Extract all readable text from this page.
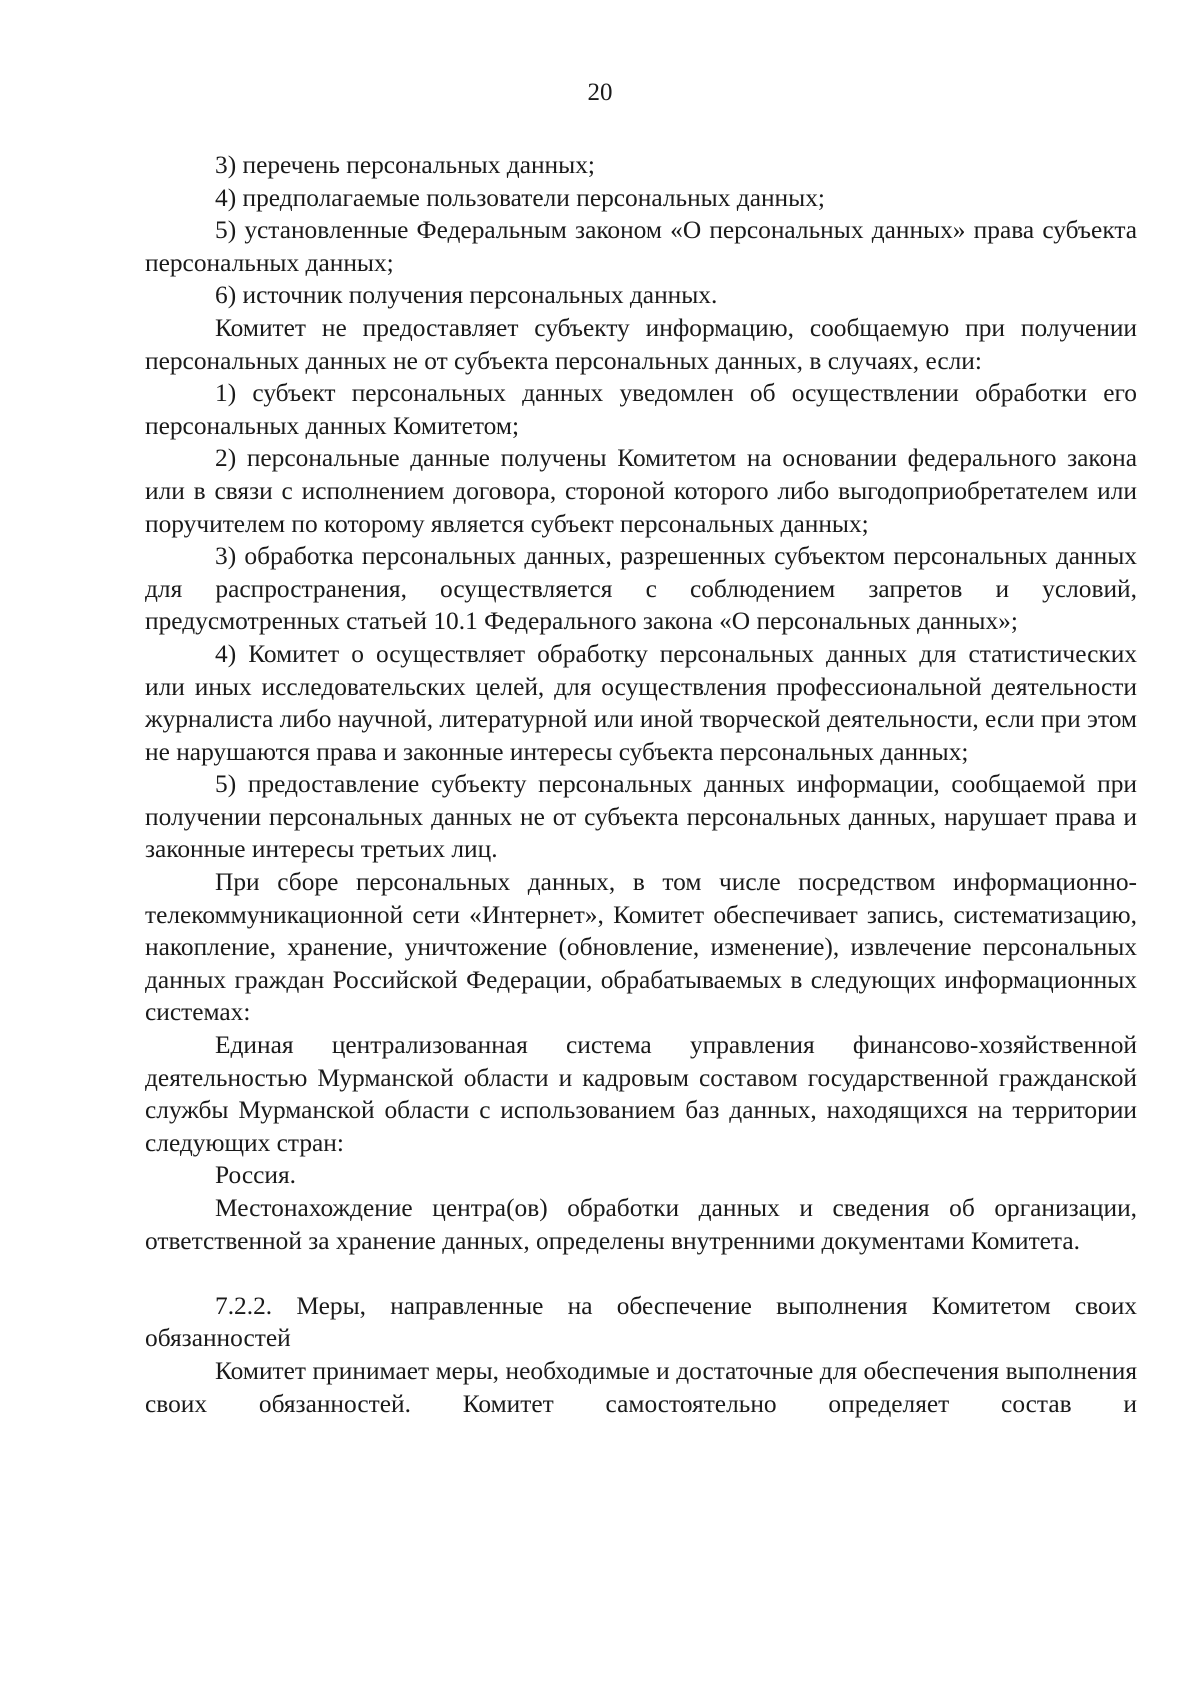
20

3) перечень персональных данных;

4) предполагаемые пользователи персональных данных;

5) установленные Федеральным законом «О персональных данных» права субъекта персональных данных;

6) источник получения персональных данных.

Комитет не предоставляет субъекту информацию, сообщаемую при получении персональных данных не от субъекта персональных данных, в случаях, если:

1) субъект персональных данных уведомлен об осуществлении обработки его персональных данных Комитетом;

2) персональные данные получены Комитетом на основании федерального закона или в связи с исполнением договора, стороной которого либо выгодоприобретателем или поручителем по которому является субъект персональных данных;

3) обработка персональных данных, разрешенных субъектом персональных данных для распространения, осуществляется с соблюдением запретов и условий, предусмотренных статьей 10.1 Федерального закона «О персональных данных»;

4) Комитет о осуществляет обработку персональных данных для статистических или иных исследовательских целей, для осуществления профессиональной деятельности журналиста либо научной, литературной или иной творческой деятельности, если при этом не нарушаются права и законные интересы субъекта персональных данных;

5) предоставление субъекту персональных данных информации, сообщаемой при получении персональных данных не от субъекта персональных данных, нарушает права и законные интересы третьих лиц.

При сборе персональных данных, в том числе посредством информационно-телекоммуникационной сети «Интернет», Комитет обеспечивает запись, систематизацию, накопление, хранение, уничтожение (обновление, изменение), извлечение персональных данных граждан Российской Федерации, обрабатываемых в следующих информационных системах:

Единая централизованная система управления финансово-хозяйственной деятельностью Мурманской области и кадровым составом государственной гражданской службы Мурманской области с использованием баз данных, находящихся на территории следующих стран:

Россия.

Местонахождение центра(ов) обработки данных и сведения об организации, ответственной за хранение данных, определены внутренними документами Комитета.

7.2.2. Меры, направленные на обеспечение выполнения Комитетом своих обязанностей

Комитет принимает меры, необходимые и достаточные для обеспечения выполнения своих обязанностей. Комитет самостоятельно определяет состав и
